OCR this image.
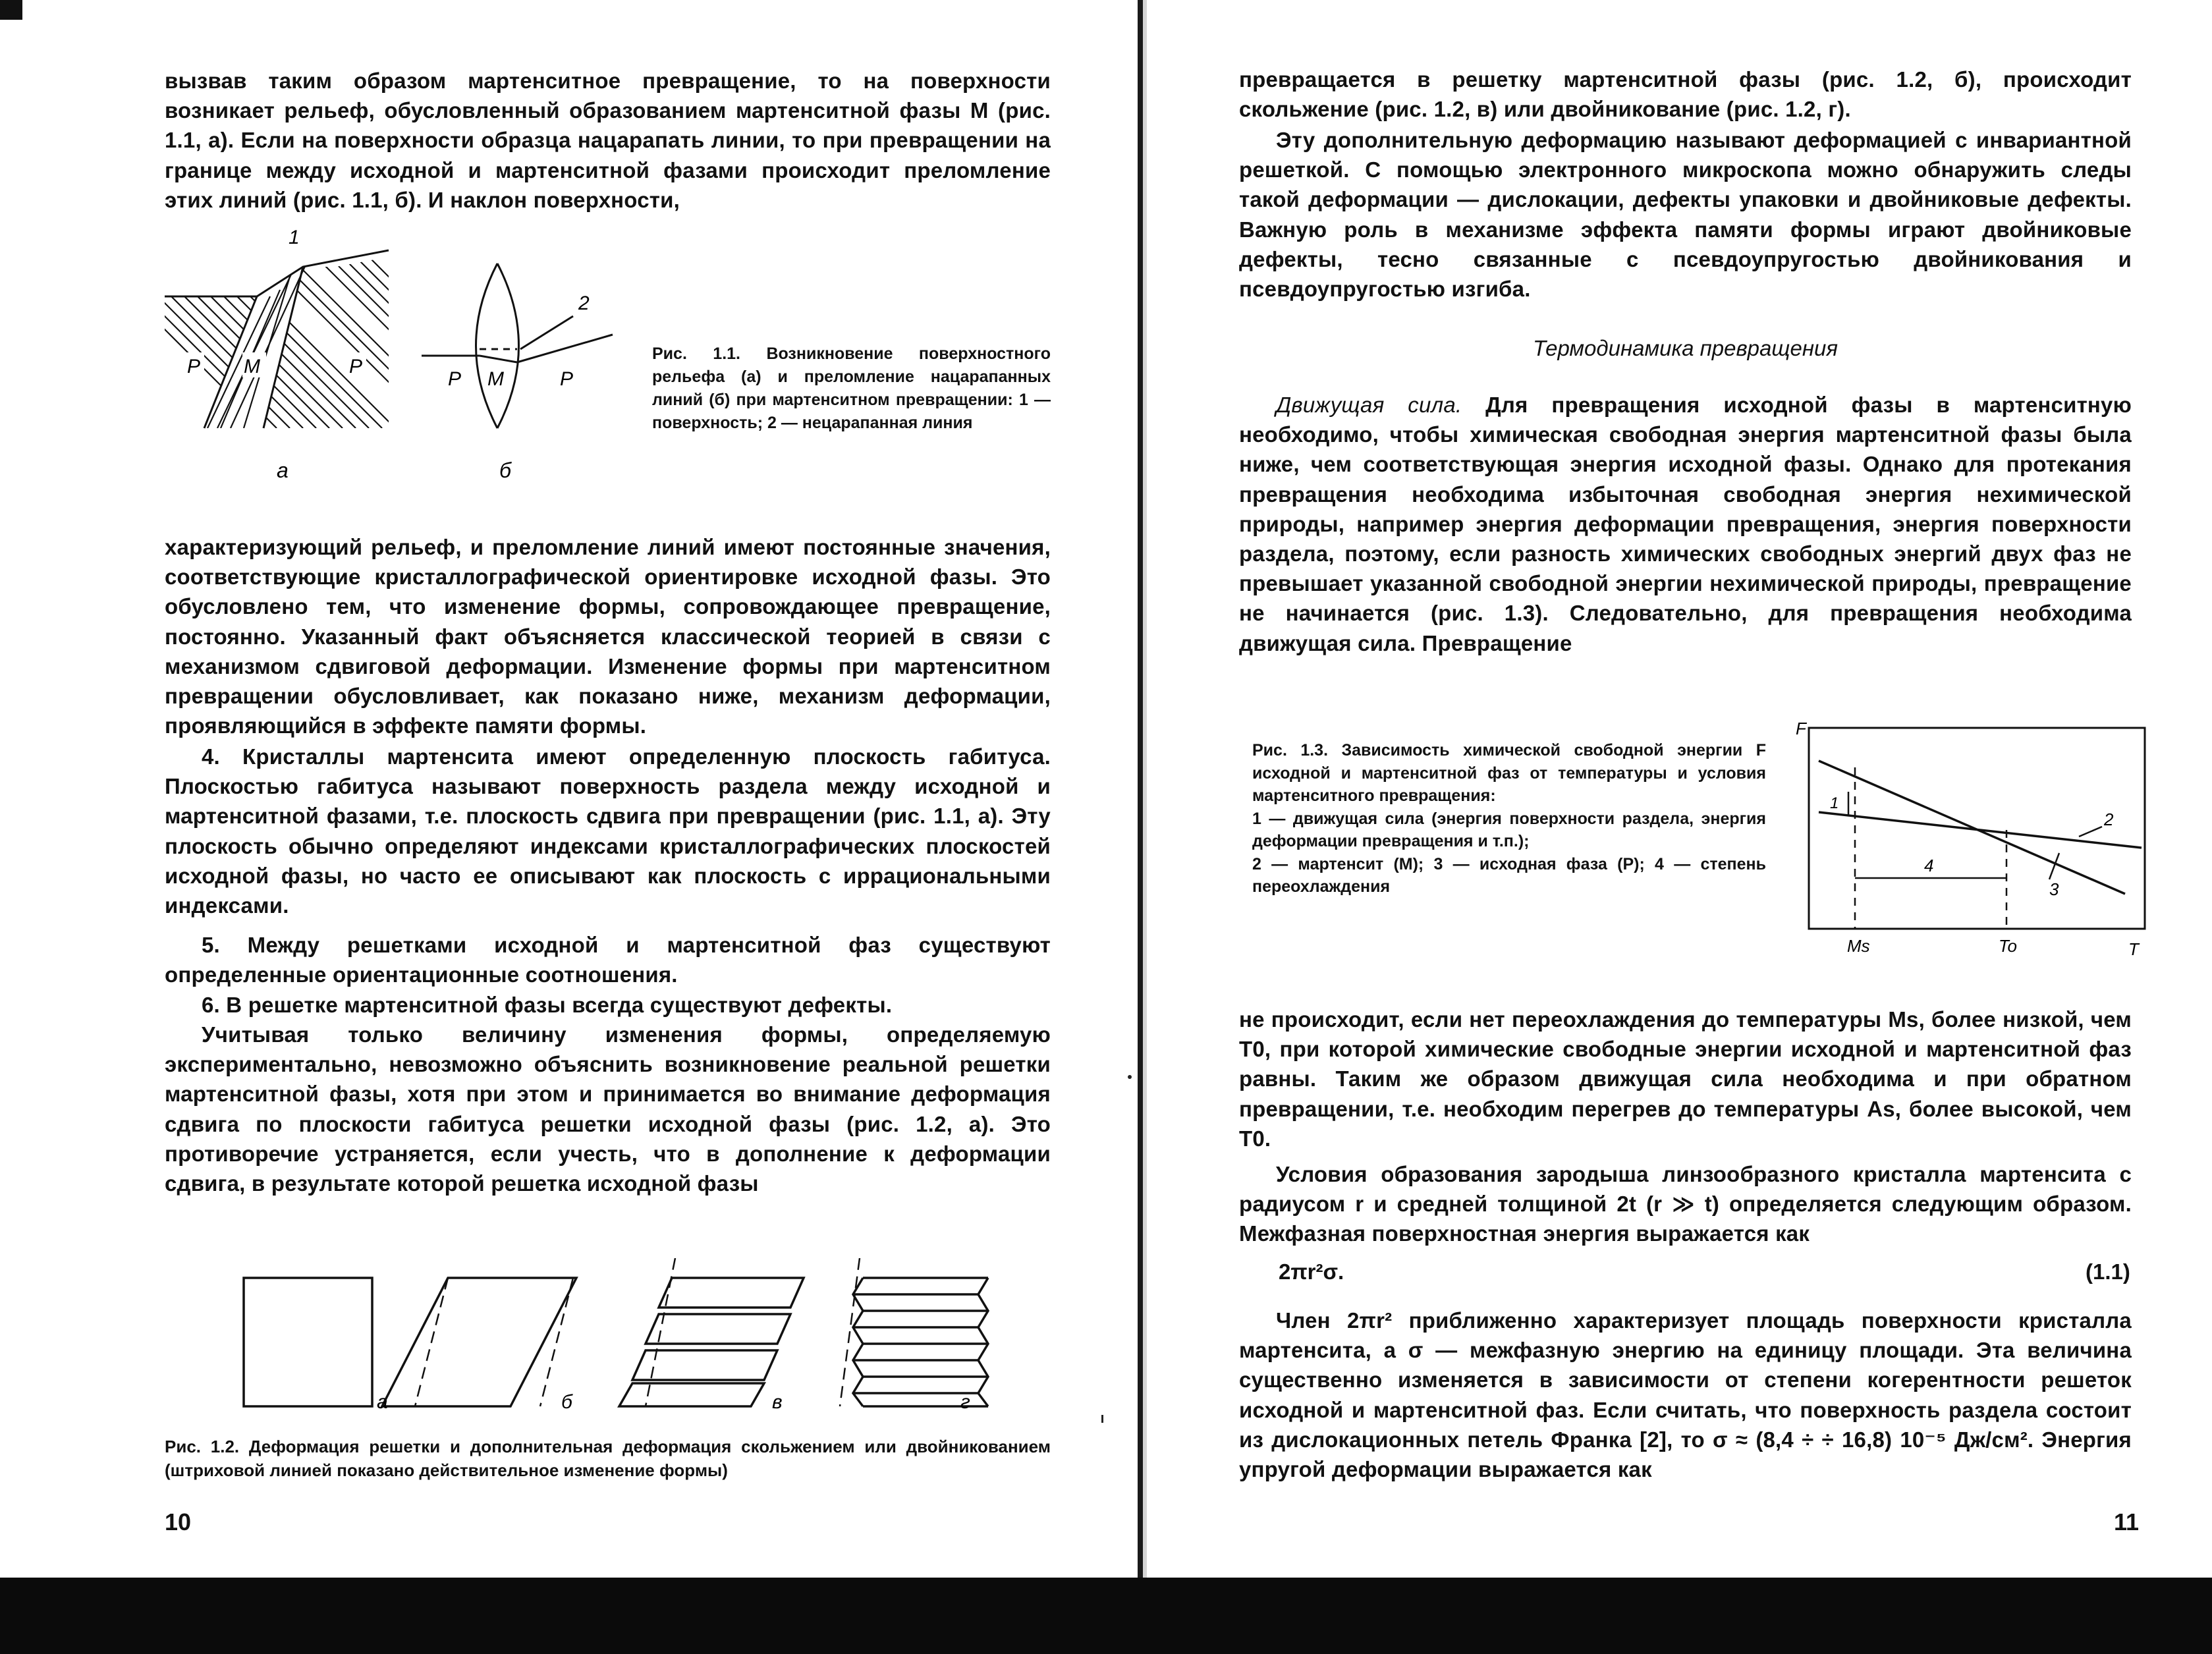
вызвав таким образом мартенситное превращение, то на поверхности возникает рельеф, обусловленный образованием мартенситной фазы М (рис. 1.1, а). Если на поверхности образца нацарапать линии, то при превращении на границе между исходной и мартенситной фазами происходит преломление этих линий (рис. 1.1, б). И наклон поверхности,

P M	P
1
а
2
P M	P
б

Рис. 1.1. Возникновение поверхностного рельефа (а) и преломление нацарапанных линий (б) при мартенситном превращении: 1 — поверхность; 2 — нецарапанная линия

характеризующий рельеф, и преломление линий имеют постоянные значения, соответствующие кристаллографической ориентировке исходной фазы. Это обусловлено тем, что изменение формы, сопровождающее превращение, постоянно. Указанный факт объясняется классической теорией в связи с механизмом сдвиговой деформации. Изменение формы при мартенситном превращении обусловливает, как показано ниже, механизм деформации, проявляющийся в эффекте памяти формы.

4. Кристаллы мартенсита имеют определенную плоскость габитуса. Плоскостью габитуса называют поверхность раздела между исходной и мартенситной фазами, т.е. плоскость сдвига при превращении (рис. 1.1, а). Эту плоскость обычно определяют индексами кристаллографических плоскостей исходной фазы, но часто ее описывают как плоскость с иррациональными индексами.

5. Между решетками исходной и мартенситной фаз существуют определенные ориентационные соотношения.

6. В решетке мартенситной фазы всегда существуют дефекты.

Учитывая только величину изменения формы, определяемую экспериментально, невозможно объяснить возникновение реальной решетки мартенситной фазы, хотя при этом и принимается во внимание деформация сдвига по плоскости габитуса решетки исходной фазы (рис. 1.2, а). Это противоречие устраняется, если учесть, что в дополнение к деформации сдвига, в результате которой решетка исходной фазы

а	б	в	г

Рис. 1.2. Деформация решетки и дополнительная деформация скольжением или двойникованием (штриховой линией показано действительное изменение формы)

10

превращается в решетку мартенситной фазы (рис. 1.2, б), происходит скольжение (рис. 1.2, в) или двойникование (рис. 1.2, г).

Эту дополнительную деформацию называют деформацией с инвариантной решеткой. С помощью электронного микроскопа можно обнаружить следы такой деформации — дислокации, дефекты упаковки и двойниковые дефекты. Важную роль в механизме эффекта памяти формы играют двойниковые дефекты, тесно связанные с псевдоупругостью двойникования и псевдоупругостью изгиба.

Термодинамика превращения

Движущая сила. Для превращения исходной фазы в мартенситную необходимо, чтобы химическая свободная энергия мартенситной фазы была ниже, чем соответствующая энергия исходной фазы. Однако для протекания превращения необходима избыточная свободная энергия нехимической природы, например энергия деформации превращения, энергия поверхности раздела, поэтому, если разность химических свободных энергий двух фаз не превышает указанной свободной энергии нехимической природы, превращение не начинается (рис. 1.3). Следовательно, для превращения необходима движущая сила. Превращение

Рис. 1.3. Зависимость химической свободной энергии F исходной и мартенситной фаз от температуры и условия мартенситного превращения:
1 — движущая сила (энергия поверхности раздела, энергия деформации превращения и т.п.);
2 — мартенсит (М); 3 — исходная фаза (Р); 4 — степень переохлаждения
F
T
1
2
3
4
Ms	To

не происходит, если нет переохлаждения до температуры Ms, более низкой, чем T0, при которой химические свободные энергии исходной и мартенситной фаз равны. Таким же образом движущая сила необходима и при обратном превращении, т.е. необходим перегрев до температуры As, более высокой, чем T0.

Условия образования зародыша линзообразного кристалла мартенсита с радиусом r и средней толщиной 2t (r ≫ t) определяется следующим образом. Межфазная поверхностная энергия выражается как

2πr²σ.	(1.1)

Член 2πr² приближенно характеризует площадь поверхности кристалла мартенсита, а σ — межфазную энергию на единицу площади. Эта величина существенно изменяется в зависимости от степени когерентности решеток исходной и мартенситной фаз. Если считать, что поверхность раздела состоит из дислокационных петель Франка [2], то σ ≈ (8,4 ÷ ÷ 16,8) 10⁻⁵ Дж/см². Энергия упругой деформации выражается как

11
